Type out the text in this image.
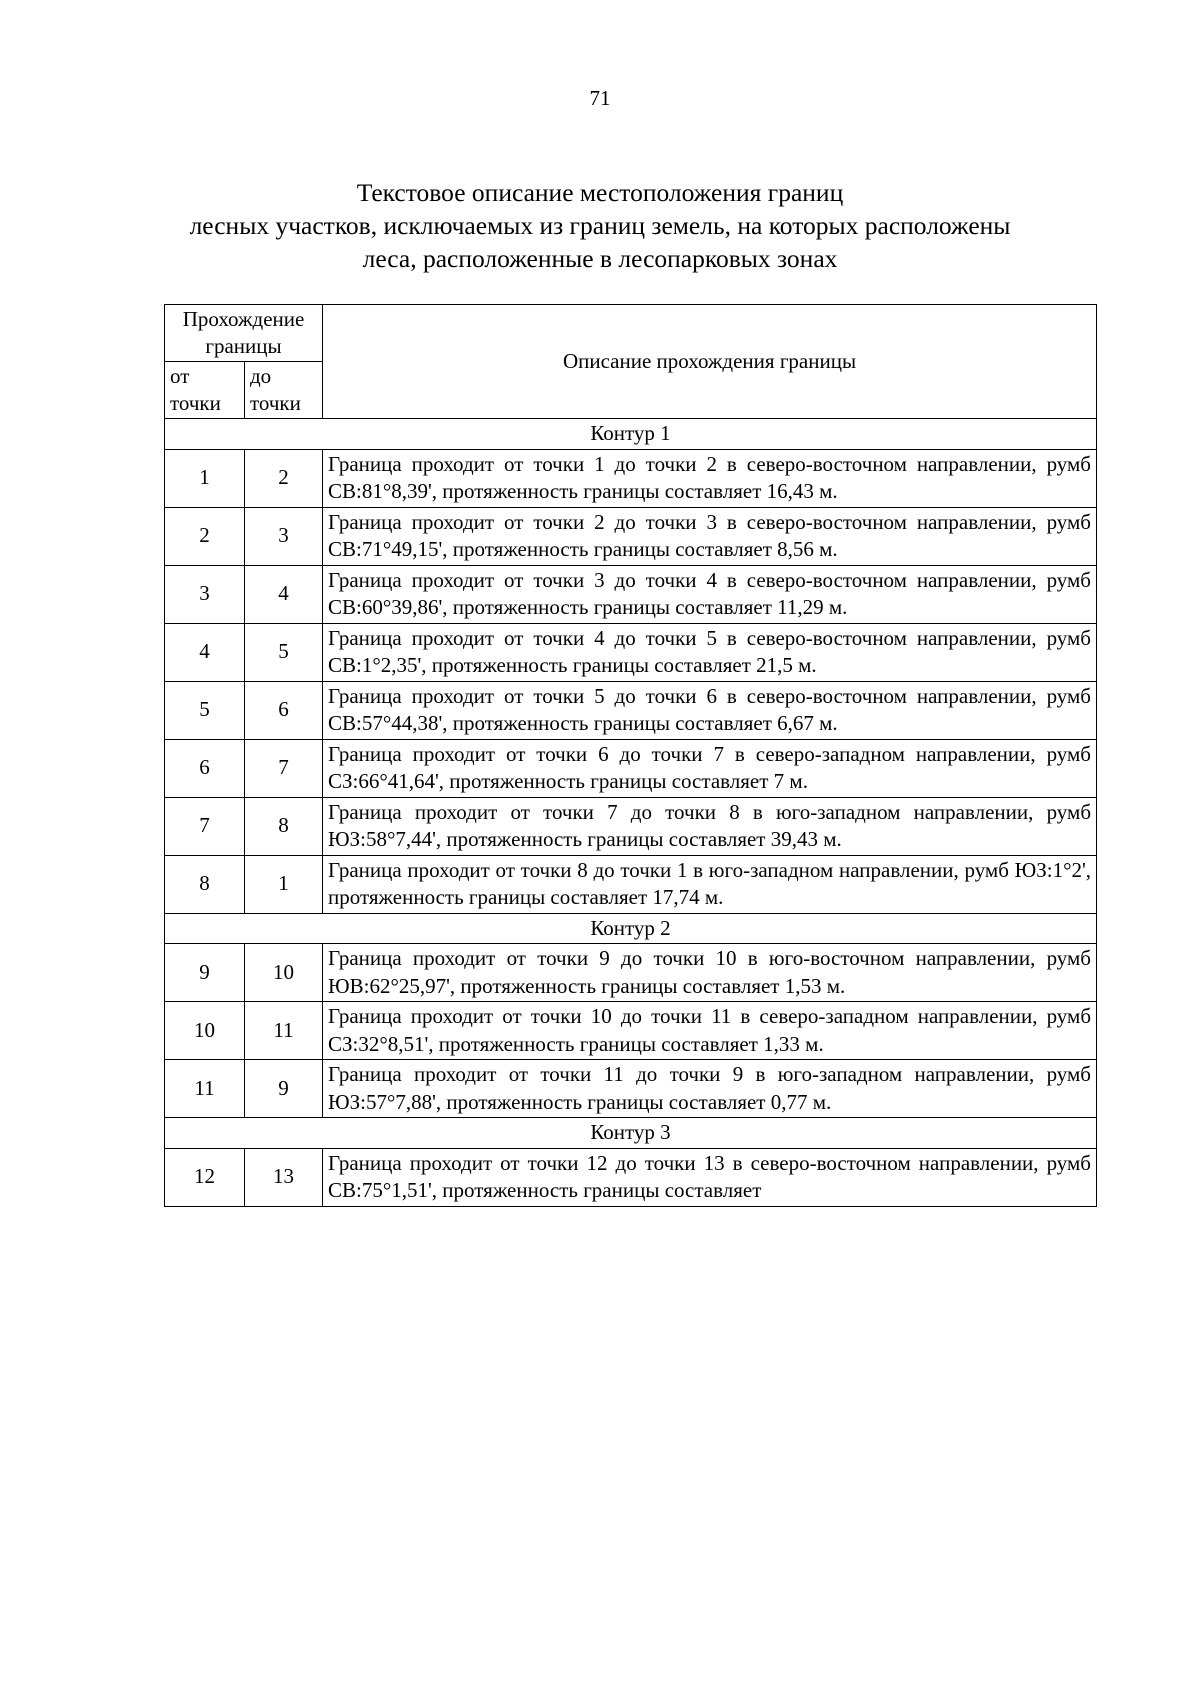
71
Текстовое описание местоположения границ
лесных участков, исключаемых из границ земель, на которых расположены
леса, расположенные в лесопарковых зонах
Прохождение границы		Описание прохождения границы
от точки	до точки	
Контур 1		
1	2	Граница проходит от точки 1 до точки 2 в северо-восточном направлении, румб СВ:81°8,39', протяженность границы составляет 16,43 м.
2	3	Граница проходит от точки 2 до точки 3 в северо-восточном направлении, румб СВ:71°49,15', протяженность границы составляет 8,56 м.
3	4	Граница проходит от точки 3 до точки 4 в северо-восточном направлении, румб СВ:60°39,86', протяженность границы составляет 11,29 м.
4	5	Граница проходит от точки 4 до точки 5 в северо-восточном направлении, румб СВ:1°2,35', протяженность границы составляет 21,5 м.
5	6	Граница проходит от точки 5 до точки 6 в северо-восточном направлении, румб СВ:57°44,38', протяженность границы составляет 6,67 м.
6	7	Граница проходит от точки 6 до точки 7 в северо-западном направлении, румб СЗ:66°41,64', протяженность границы составляет 7 м.
7	8	Граница проходит от точки 7 до точки 8 в юго-западном направлении, румб ЮЗ:58°7,44', протяженность границы составляет 39,43 м.
8	1	Граница проходит от точки 8 до точки 1 в юго-западном направлении, румб ЮЗ:1°2', протяженность границы составляет 17,74 м.
Контур 2		
9	10	Граница проходит от точки 9 до точки 10 в юго-восточном направлении, румб ЮВ:62°25,97', протяженность границы составляет 1,53 м.
10	11	Граница проходит от точки 10 до точки 11 в северо-западном направлении, румб СЗ:32°8,51', протяженность границы составляет 1,33 м.
11	9	Граница проходит от точки 11 до точки 9 в юго-западном направлении, румб ЮЗ:57°7,88', протяженность границы составляет 0,77 м.
Контур 3		
12	13	Граница проходит от точки 12 до точки 13 в северо-восточном направлении, румб СВ:75°1,51', протяженность границы составляет
